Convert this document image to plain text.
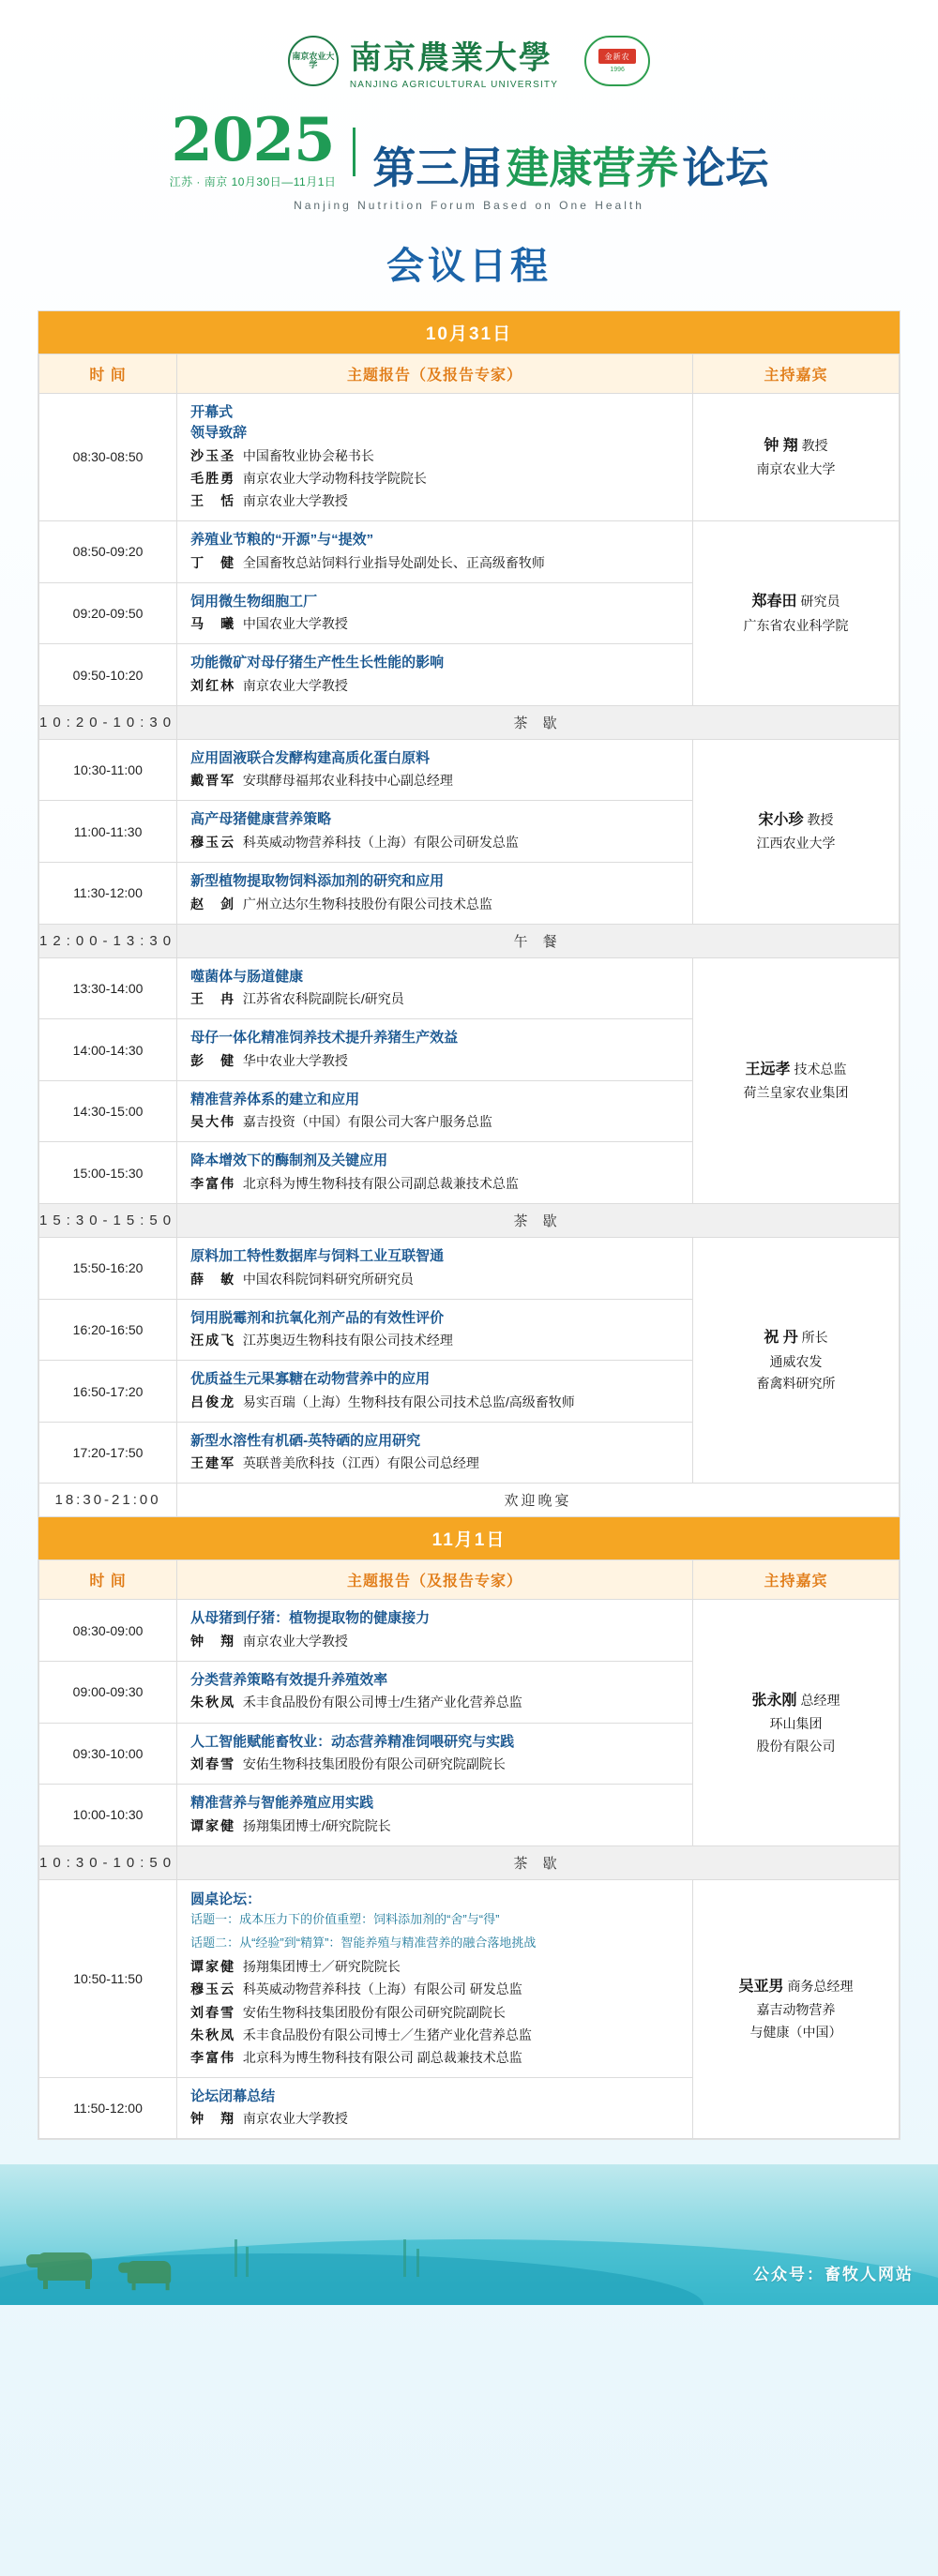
南京农业大学	南京農業大學
NANJING AGRICULTURAL UNIVERSITY
金新农
1996
2025
江苏 · 南京 10月30日—11月1日 第三届 建康营养 论坛
Nanjing Nutrition Forum Based on One Health
会议日程
10月31日
时 间	主题报告（及报告专家）	主持嘉宾
08:30-08:50	
开幕式
领导致辞
沙玉圣 中国畜牧业协会秘书长
毛胜勇 南京农业大学动物科技学院院长
王　恬 南京农业大学教授

钟 翔 教授
南京农业大学

08:50-09:20	
养殖业节粮的“开源”与“提效”
丁　健 全国畜牧总站饲料行业指导处副处长、正高级畜牧师

郑春田 研究员
广东省农业科学院

09:20-09:50	饲用微生物细胞工厂
马　曦 中国农业大学教授	

09:50-10:20	功能微矿对母仔猪生产性生长性能的影响
刘红林 南京农业大学教授	

10:20-10:30	茶 歇	
10:30-11:00	
应用固液联合发酵构建高质化蛋白原料
戴晋军 安琪酵母福邦农业科技中心副总经理

宋小珍 教授
江西农业大学

11:00-11:30	高产母猪健康营养策略
穆玉云 科英威动物营养科技（上海）有限公司研发总监	

11:30-12:00	新型植物提取物饲料添加剂的研究和应用
赵　剑 广州立达尔生物科技股份有限公司技术总监	

12:00-13:30	午 餐	
13:30-14:00	
噬菌体与肠道健康
王　冉 江苏省农科院副院长/研究员

王远孝 技术总监
荷兰皇家农业集团

14:00-14:30	母仔一体化精准饲养技术提升养猪生产效益
彭　健 华中农业大学教授	

14:30-15:00	精准营养体系的建立和应用
吴大伟 嘉吉投资（中国）有限公司大客户服务总监	

15:00-15:30	降本增效下的酶制剂及关键应用
李富伟 北京科为博生物科技有限公司副总裁兼技术总监	

15:30-15:50	茶 歇	
15:50-16:20	
原料加工特性数据库与饲料工业互联智通
薛　敏 中国农科院饲料研究所研究员

祝 丹 所长
通威农发
畜禽料研究所

16:20-16:50	饲用脱霉剂和抗氧化剂产品的有效性评价
汪成飞 江苏奥迈生物科技有限公司技术经理	

16:50-17:20	优质益生元果寡糖在动物营养中的应用
吕俊龙 易实百瑞（上海）生物科技有限公司技术总监/高级畜牧师	

17:20-17:50	新型水溶性有机硒-英特硒的应用研究
王建军 英联普美欣科技（江西）有限公司总经理	

18:30-21:00	欢迎晚宴	
11月1日
时 间	主题报告（及报告专家）	主持嘉宾
08:30-09:00	
从母猪到仔猪：植物提取物的健康接力
钟　翔 南京农业大学教授

张永刚 总经理
环山集团
股份有限公司

09:00-09:30	分类营养策略有效提升养殖效率
朱秋凤 禾丰食品股份有限公司博士/生猪产业化营养总监	

09:30-10:00	人工智能赋能畜牧业：动态营养精准饲喂研究与实践
刘春雪 安佑生物科技集团股份有限公司研究院副院长	

10:00-10:30	精准营养与智能养殖应用实践
谭家健 扬翔集团博士/研究院院长	

10:30-10:50	茶 歇	
10:50-11:50	
圆桌论坛：
话题一：成本压力下的价值重塑：饲料添加剂的“舍”与“得”
话题二：从“经验”到“精算”：智能养殖与精准营养的融合落地挑战
谭家健 扬翔集团博士／研究院院长
穆玉云 科英威动物营养科技（上海）有限公司 研发总监
刘春雪 安佑生物科技集团股份有限公司研究院副院长
朱秋凤 禾丰食品股份有限公司博士／生猪产业化营养总监
李富伟 北京科为博生物科技有限公司 副总裁兼技术总监

吴亚男 商务总经理
嘉吉动物营养
与健康（中国）

11:50-12:00	论坛闭幕总结
钟　翔 南京农业大学教授	
公众号：畜牧人网站
